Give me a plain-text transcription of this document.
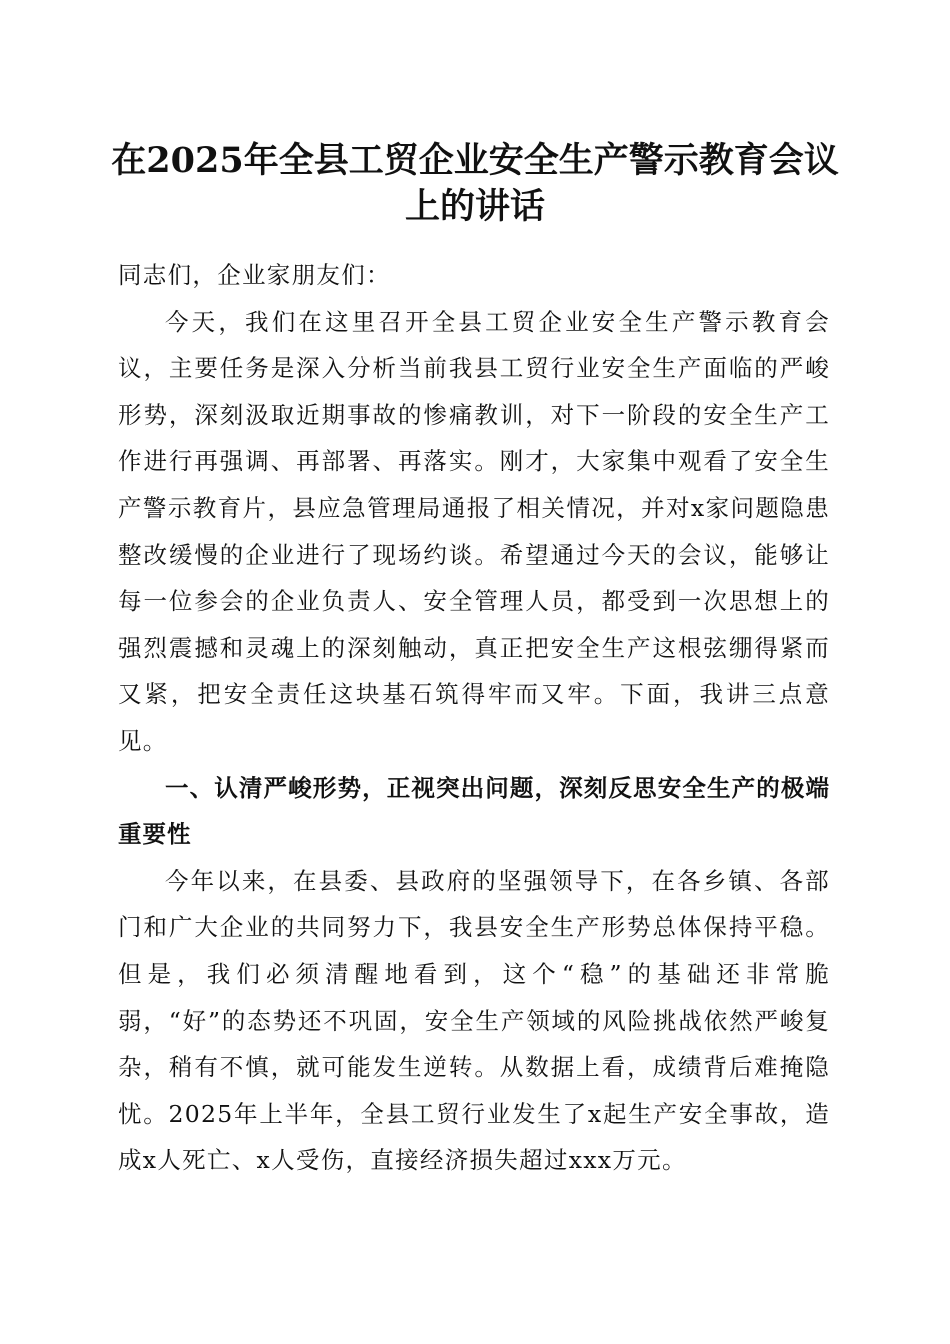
在2025年全县工贸企业安全生产警示教育会议上的讲话

同志们，企业家朋友们：

今天，我们在这里召开全县工贸企业安全生产警示教育会议，主要任务是深入分析当前我县工贸行业安全生产面临的严峻形势，深刻汲取近期事故的惨痛教训，对下一阶段的安全生产工作进行再强调、再部署、再落实。刚才，大家集中观看了安全生产警示教育片，县应急管理局通报了相关情况，并对x家问题隐患整改缓慢的企业进行了现场约谈。希望通过今天的会议，能够让每一位参会的企业负责人、安全管理人员，都受到一次思想上的强烈震撼和灵魂上的深刻触动，真正把安全生产这根弦绷得紧而又紧，把安全责任这块基石筑得牢而又牢。下面，我讲三点意见。

一、认清严峻形势，正视突出问题，深刻反思安全生产的极端重要性

今年以来，在县委、县政府的坚强领导下，在各乡镇、各部门和广大企业的共同努力下，我县安全生产形势总体保持平稳。但是，我们必须清醒地看到，这个“稳”的基础还非常脆弱，“好”的态势还不巩固，安全生产领域的风险挑战依然严峻复杂，稍有不慎，就可能发生逆转。从数据上看，成绩背后难掩隐忧。2025年上半年，全县工贸行业发生了x起生产安全事故，造成x人死亡、x人受伤，直接经济损失超过xxx万元。
